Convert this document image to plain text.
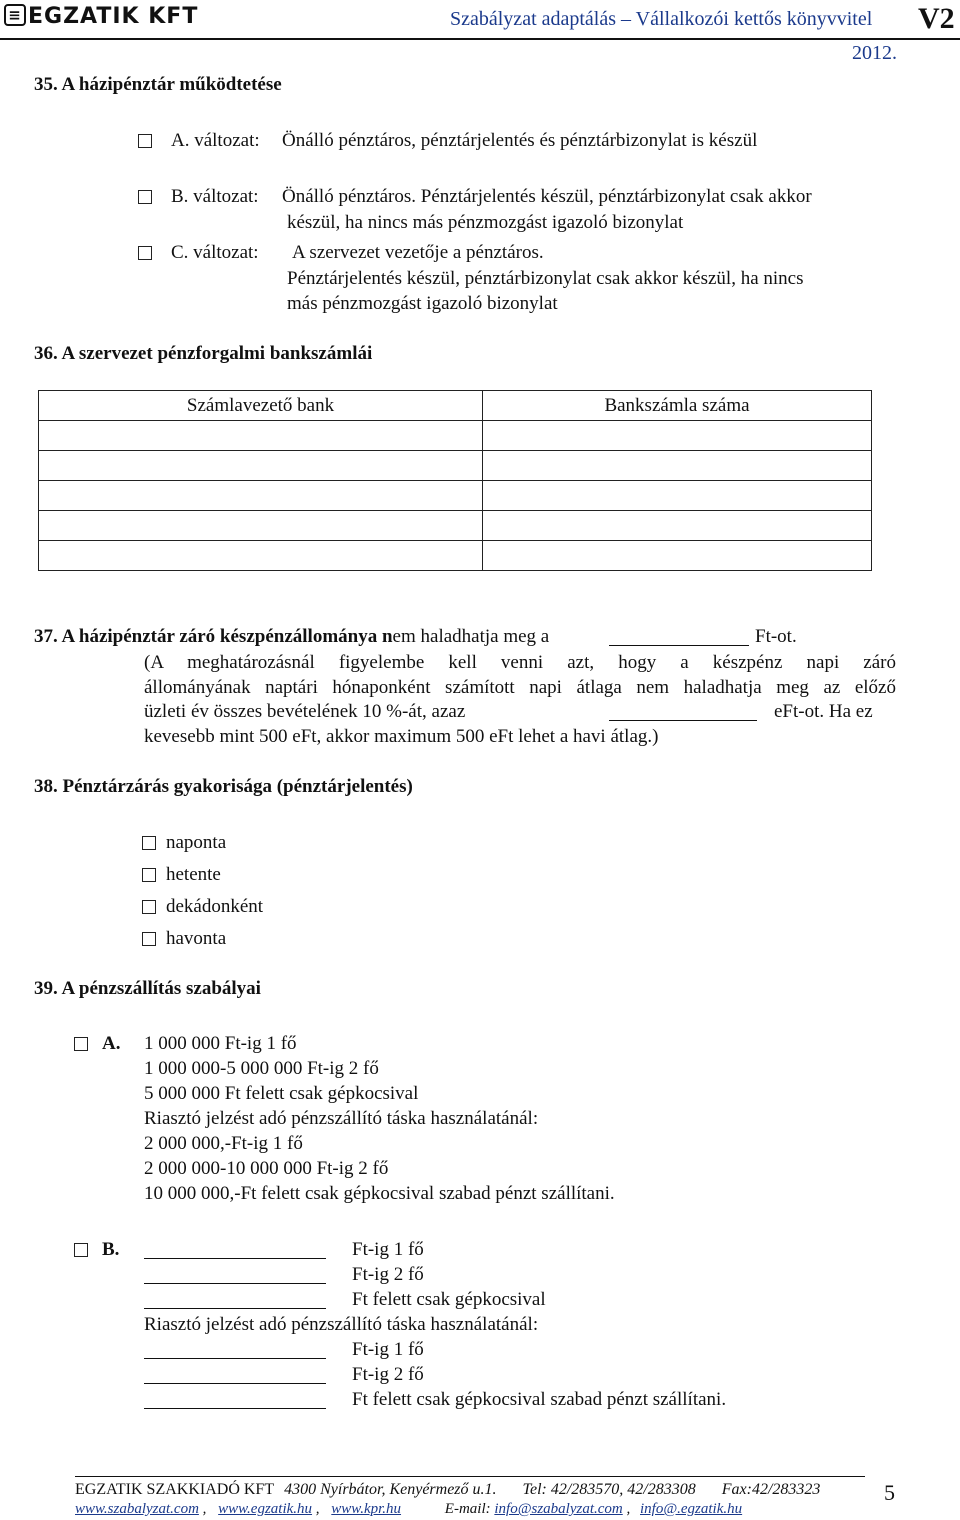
≡ EGZATIK KFT	Szabályzat adaptálás – Vállalkozói kettős könyvvitel V2
2012.
35. A házipénztár működtetése
A. változat: Önálló pénztáros, pénztárjelentés és pénztárbizonylat is készül
B. változat: Önálló pénztáros. Pénztárjelentés készül, pénztárbizonylat csak akkor
készül, ha nincs más pénzmozgást igazoló bizonylat
C. változat: A szervezet vezetője a pénztáros.
Pénztárjelentés készül, pénztárbizonylat csak akkor készül, ha nincs
más pénzmozgást igazoló bizonylat
36. A szervezet pénzforgalmi bankszámlái
Számlavezető bank	Bankszámla száma

37. A házipénztár záró készpénzállománya nem haladhatja meg a	Ft-ot.
(A meghatározásnál figyelembe kell venni azt, hogy a készpénz napi záró
állományának naptári hónaponként számított napi átlaga nem haladhatja meg az előző
üzleti év összes bevételének 10 %-át, azaz	eFt-ot. Ha ez
kevesebb mint 500 eFt, akkor maximum 500 eFt lehet a havi átlag.)
38. Pénztárzárás gyakorisága (pénztárjelentés)
naponta
hetente
dekádonként
havonta
39. A pénzszállítás szabályai
A. 1 000 000 Ft-ig 1 fő
1 000 000-5 000 000 Ft-ig 2 fő
5 000 000 Ft felett csak gépkocsival
Riasztó jelzést adó pénzszállító táska használatánál:
2 000 000,-Ft-ig 1 fő
2 000 000-10 000 000 Ft-ig 2 fő
10 000 000,-Ft felett csak gépkocsival szabad pénzt szállítani.
B.	Ft-ig 1 fő
Ft-ig 2 fő
Ft felett csak gépkocsival
Riasztó jelzést adó pénzszállító táska használatánál:
Ft-ig 1 fő
Ft-ig 2 fő
Ft felett csak gépkocsival szabad pénzt szállítani.
EGZATIK SZAKKIADÓ KFT 4300 Nyírbátor, Kenyérmező u.1. Tel: 42/283570, 42/283308 Fax:42/283323
www.szabalyzat.com , www.egzatik.hu , www.kpr.hu	E-mail: info@szabalyzat.com , info@.egzatik.hu
5
